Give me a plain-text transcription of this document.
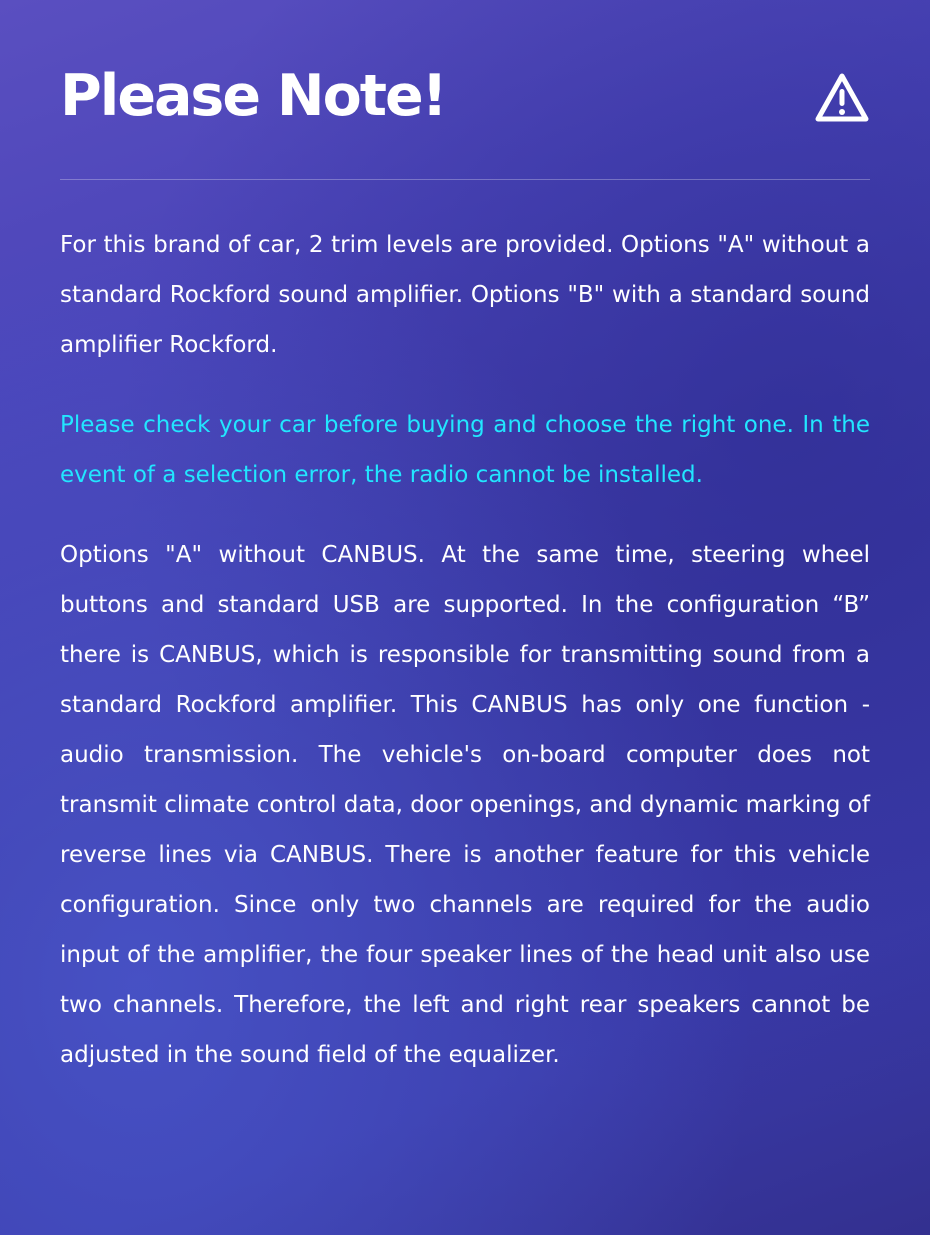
Please Note!

For this brand of car, 2 trim levels are provided. Options "A" without a standard Rockford sound amplifier. Options "B" with a standard sound amplifier Rockford.

Please check your car before buying and choose the right one. In the event of a selection error, the radio cannot be installed.

Options "A" without CANBUS. At the same time, steering wheel buttons and standard USB are supported. In the configuration “B” there is CANBUS, which is responsible for transmitting sound from a standard Rockford amplifier. This CANBUS has only one function - audio transmission. The vehicle's on-board computer does not transmit climate control data, door openings, and dynamic marking of reverse lines via CANBUS. There is another feature for this vehicle configuration. Since only two channels are required for the audio input of the amplifier, the four speaker lines of the head unit also use two channels. Therefore, the left and right rear speakers cannot be adjusted in the sound field of the equalizer.
